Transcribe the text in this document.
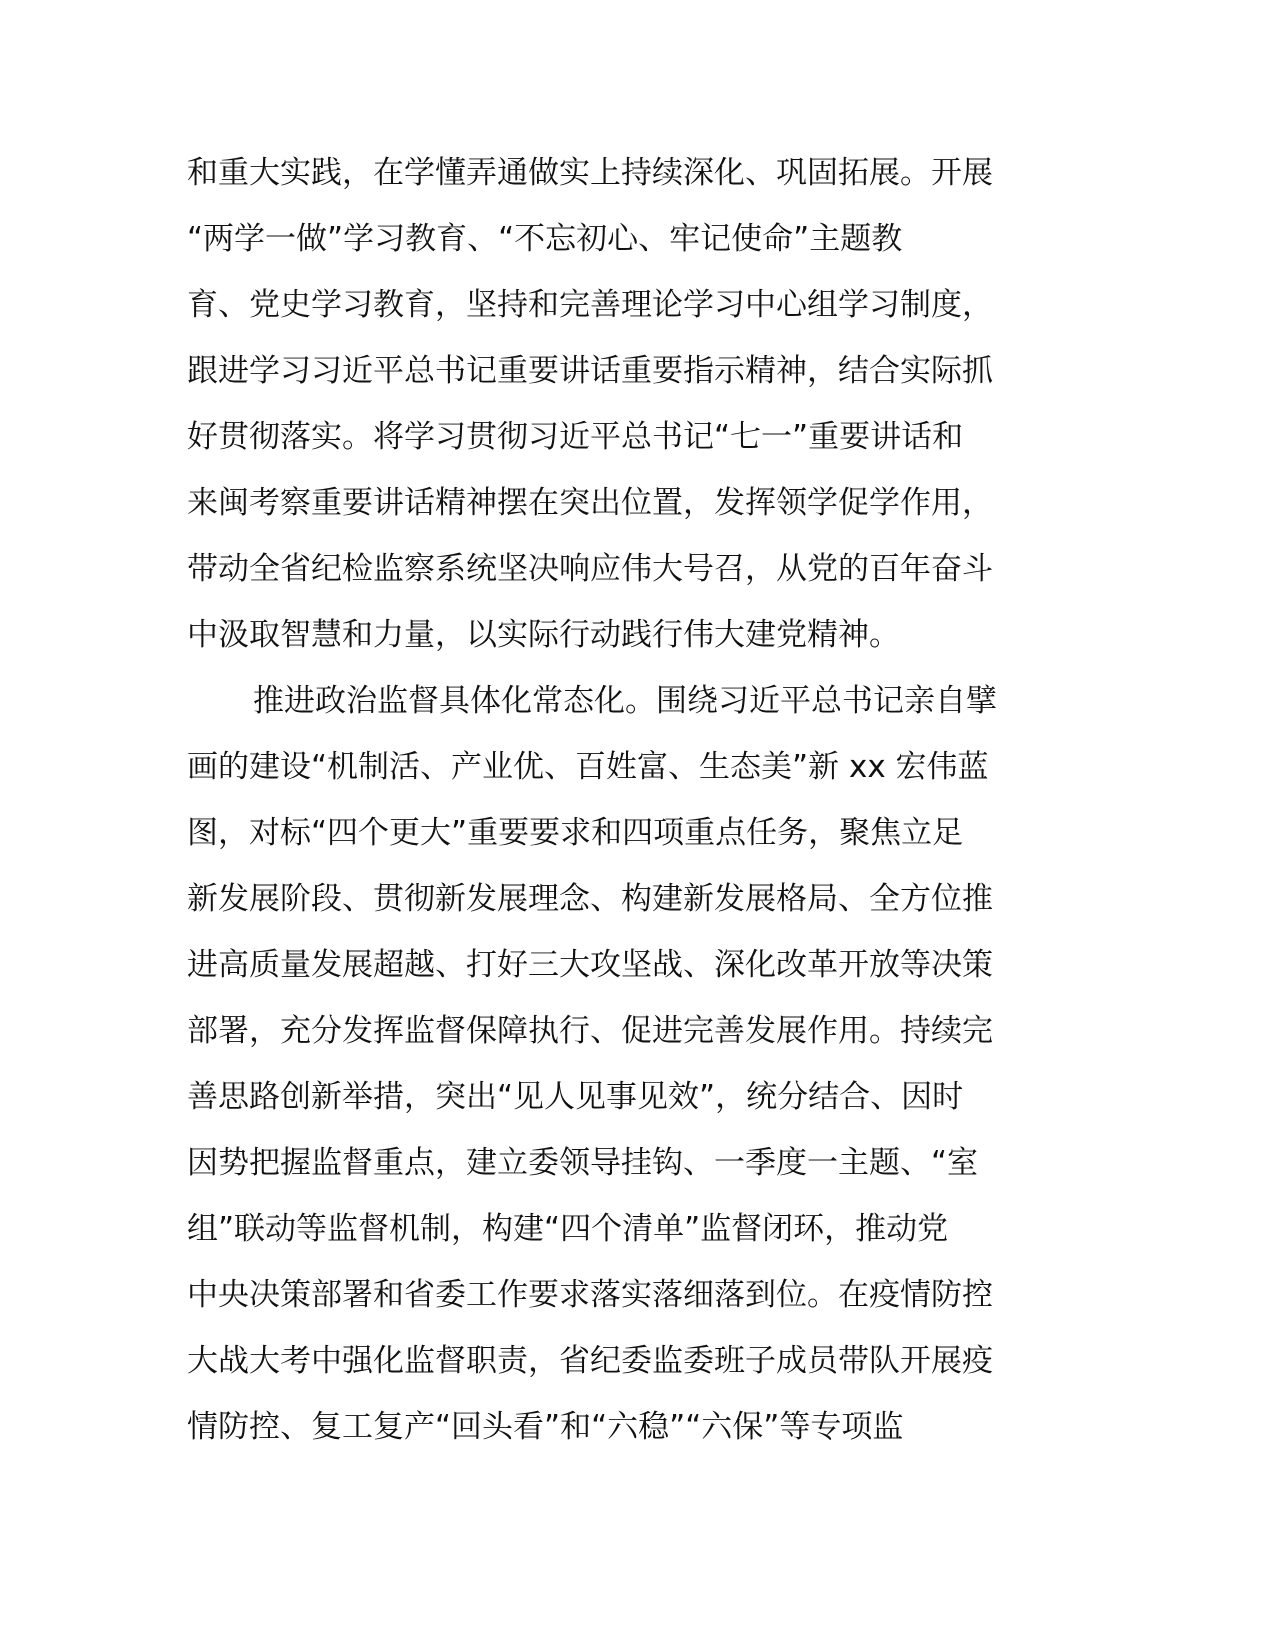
和重大实践，在学懂弄通做实上持续深化、巩固拓展。开展
“两学一做”学习教育、“不忘初心、牢记使命”主题教
育、党史学习教育，坚持和完善理论学习中心组学习制度，
跟进学习习近平总书记重要讲话重要指示精神，结合实际抓
好贯彻落实。将学习贯彻习近平总书记“七一”重要讲话和
来闽考察重要讲话精神摆在突出位置，发挥领学促学作用，
带动全省纪检监察系统坚决响应伟大号召，从党的百年奋斗
中汲取智慧和力量，以实际行动践行伟大建党精神。
推进政治监督具体化常态化。围绕习近平总书记亲自擘
画的建设“机制活、产业优、百姓富、生态美”新 xx 宏伟蓝
图，对标“四个更大”重要要求和四项重点任务，聚焦立足
新发展阶段、贯彻新发展理念、构建新发展格局、全方位推
进高质量发展超越、打好三大攻坚战、深化改革开放等决策
部署，充分发挥监督保障执行、促进完善发展作用。持续完
善思路创新举措，突出“见人见事见效”，统分结合、因时
因势把握监督重点，建立委领导挂钩、一季度一主题、“室
组”联动等监督机制，构建“四个清单”监督闭环，推动党
中央决策部署和省委工作要求落实落细落到位。在疫情防控
大战大考中强化监督职责，省纪委监委班子成员带队开展疫
情防控、复工复产“回头看”和“六稳”“六保”等专项监
